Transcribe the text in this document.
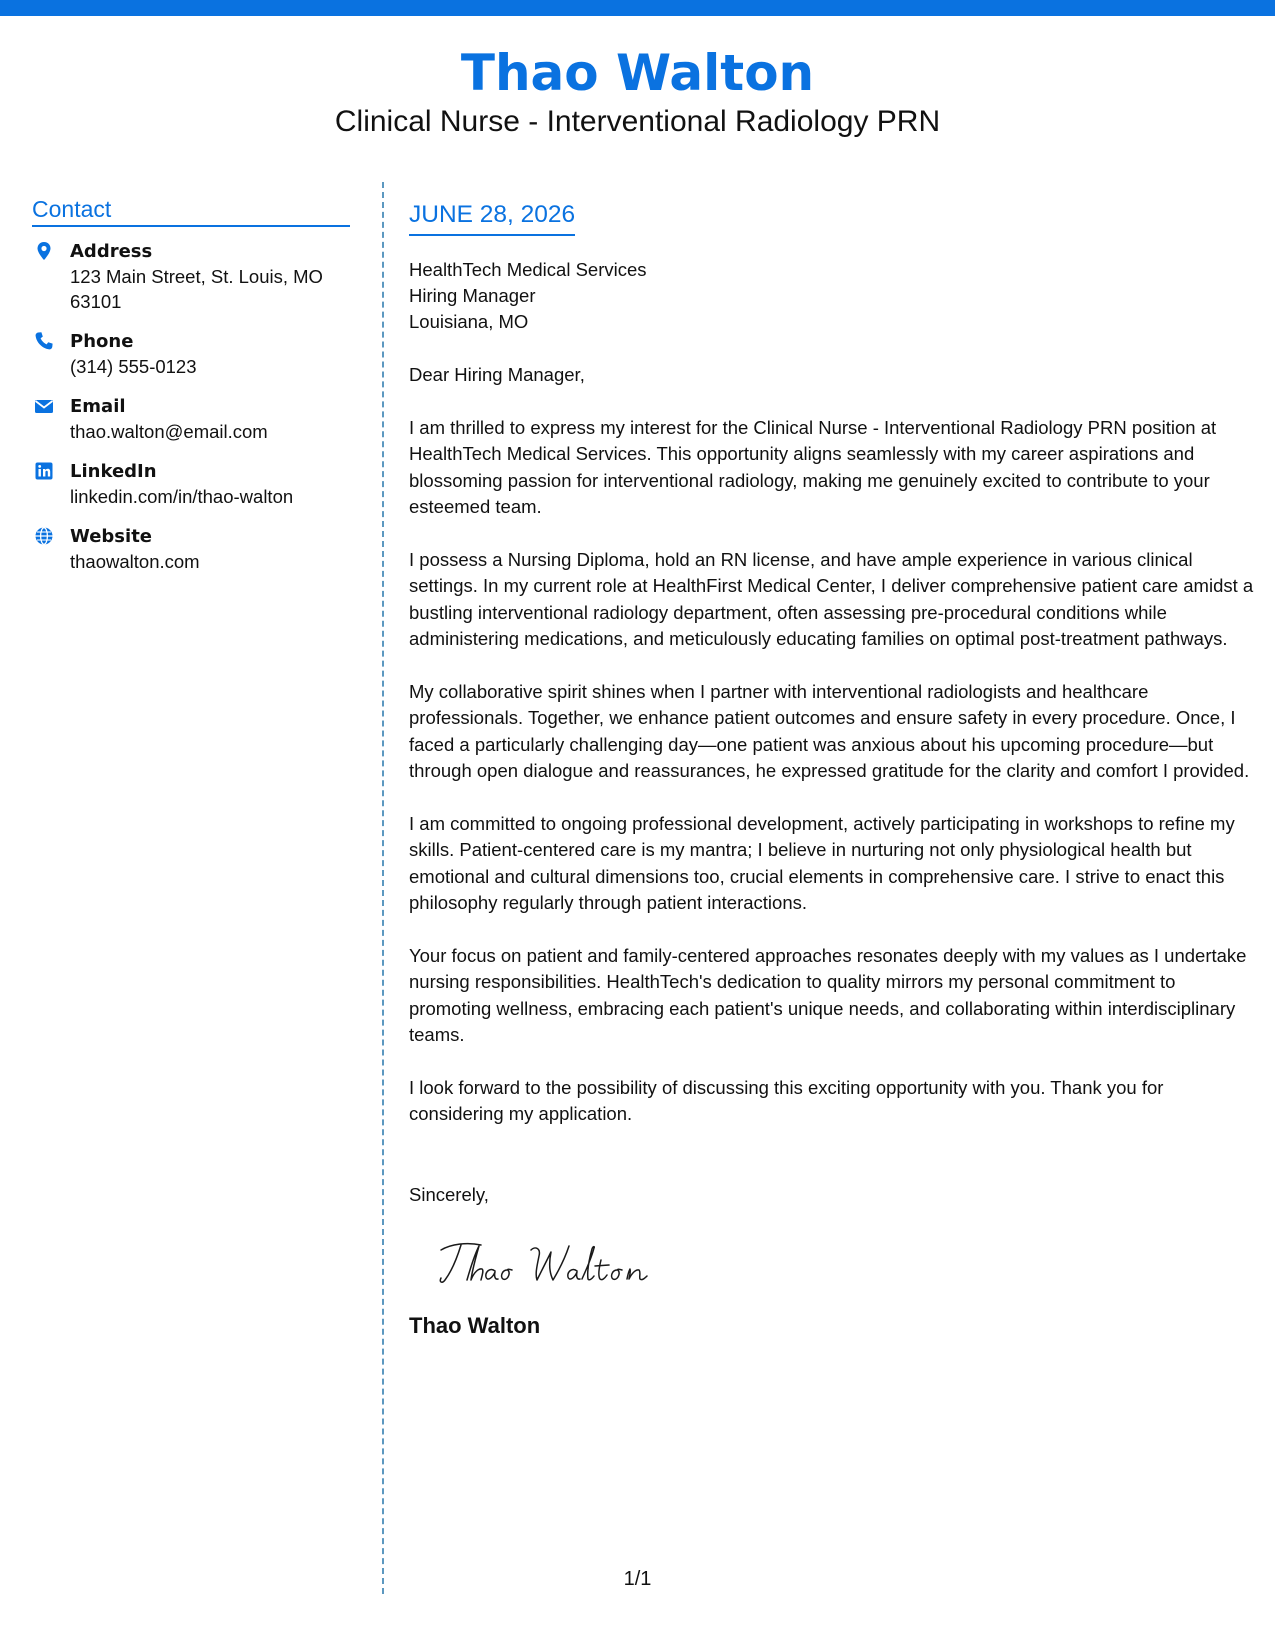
Thao Walton
Clinical Nurse - Interventional Radiology PRN
Contact
Address
123 Main Street, St. Louis, MO 63101
Phone
(314) 555-0123
Email
thao.walton@email.com
LinkedIn
linkedin.com/in/thao-walton
Website
thaowalton.com
JUNE 28, 2026
HealthTech Medical Services
Hiring Manager
Louisiana, MO

Dear Hiring Manager,

I am thrilled to express my interest for the Clinical Nurse - Interventional Radiology PRN position at HealthTech Medical Services. This opportunity aligns seamlessly with my career aspirations and blossoming passion for interventional radiology, making me genuinely excited to contribute to your esteemed team.

I possess a Nursing Diploma, hold an RN license, and have ample experience in various clinical settings. In my current role at HealthFirst Medical Center, I deliver comprehensive patient care amidst a bustling interventional radiology department, often assessing pre-procedural conditions while administering medications, and meticulously educating families on optimal post-treatment pathways.

My collaborative spirit shines when I partner with interventional radiologists and healthcare professionals. Together, we enhance patient outcomes and ensure safety in every procedure. Once, I faced a particularly challenging day—one patient was anxious about his upcoming procedure—but through open dialogue and reassurances, he expressed gratitude for the clarity and comfort I provided.

I am committed to ongoing professional development, actively participating in workshops to refine my skills. Patient-centered care is my mantra; I believe in nurturing not only physiological health but emotional and cultural dimensions too, crucial elements in comprehensive care. I strive to enact this philosophy regularly through patient interactions.

Your focus on patient and family-centered approaches resonates deeply with my values as I undertake nursing responsibilities. HealthTech's dedication to quality mirrors my personal commitment to promoting wellness, embracing each patient's unique needs, and collaborating within interdisciplinary teams.

I look forward to the possibility of discussing this exciting opportunity with you. Thank you for considering my application.

Sincerely,
Thao Walton
1/1
